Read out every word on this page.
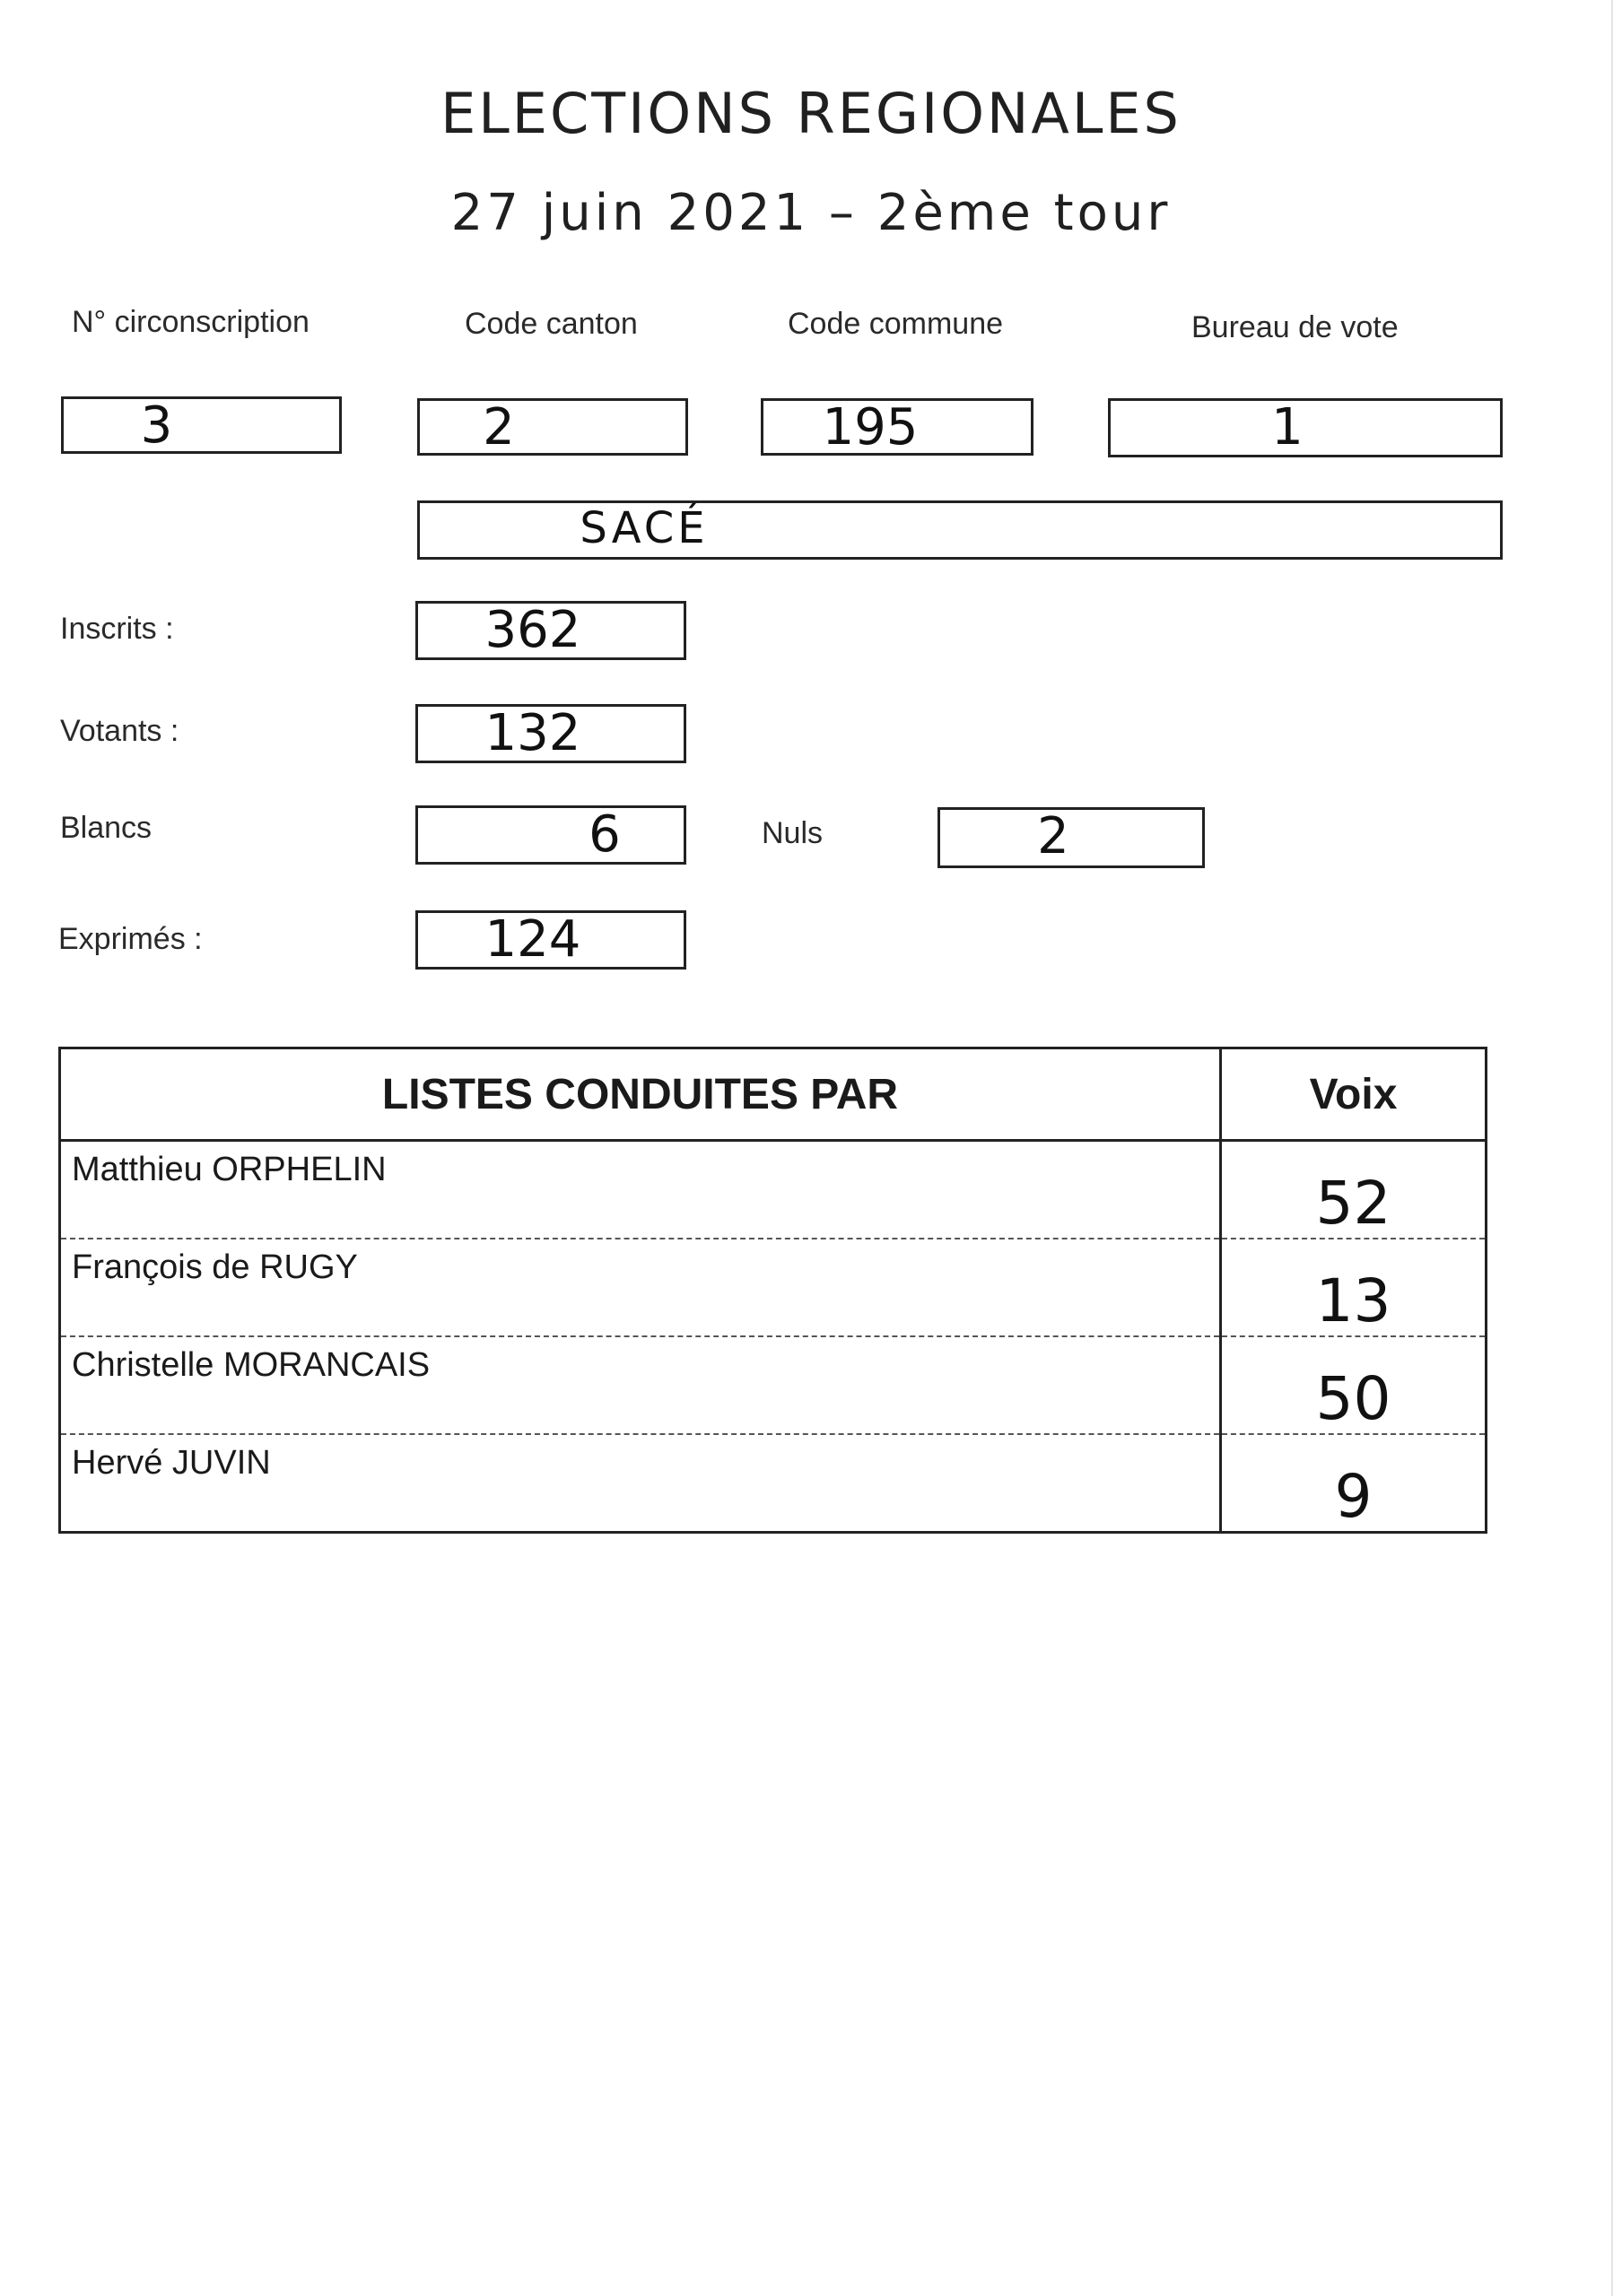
ELECTIONS REGIONALES
27 juin 2021 – 2ème tour
N° circonscription	Code canton	Code commune	Bureau de vote
3	2	195	1
SACÉ
Inscrits :	362
Votants :	132
Blancs	6	Nuls	2
Exprimés :	124
LISTES CONDUITES PAR	Voix
Matthieu ORPHELIN	52
François de RUGY	13
Christelle MORANCAIS	50
Hervé JUVIN	9
